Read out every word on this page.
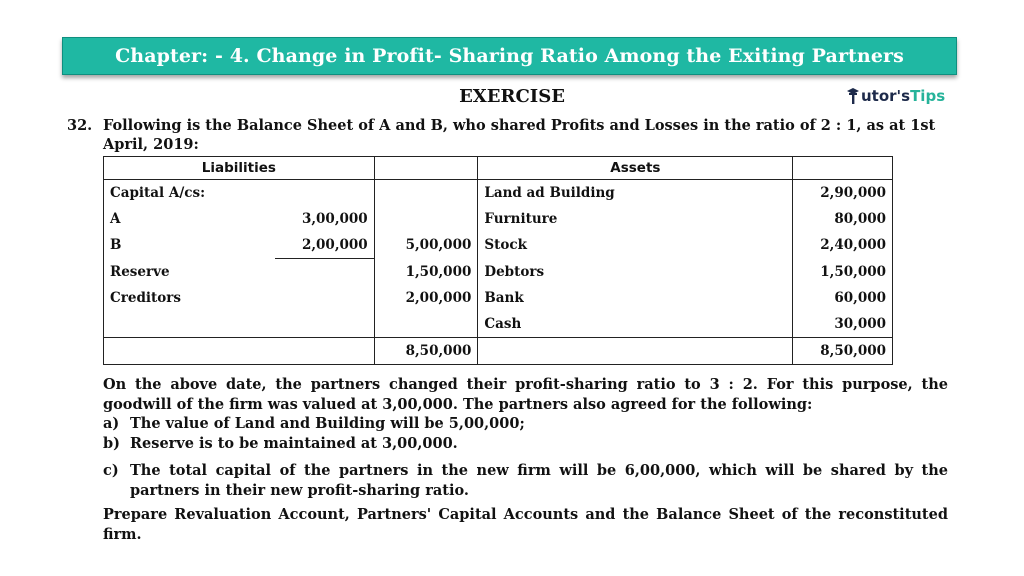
Chapter: - 4. Change in Profit- Sharing Ratio Among the Exiting Partners
EXERCISE	utor's Tips
32. Following is the Balance Sheet of A and B, who shared Profits and Losses in the ratio of 2 : 1, as at 1st
April, 2019:
Liabilities			Assets	
Capital A/cs:			Land ad Building	2,90,000
A	3,00,000		Furniture	80,000
B	2,00,000	5,00,000	Stock	2,40,000
Reserve		1,50,000	Debtors	1,50,000
Creditors		2,00,000	Bank	60,000
			Cash	30,000
		8,50,000		8,50,000
On the above date, the partners changed their profit-sharing ratio to 3 : 2. For this purpose, the goodwill of the firm was valued at 3,00,000. The partners also agreed for the following:
a) The value of Land and Building will be 5,00,000;
b) Reserve is to be maintained at 3,00,000.
c) The total capital of the partners in the new firm will be 6,00,000, which will be shared by the partners in their new profit-sharing ratio.
Prepare Revaluation Account, Partners' Capital Accounts and the Balance Sheet of the reconstituted firm.
